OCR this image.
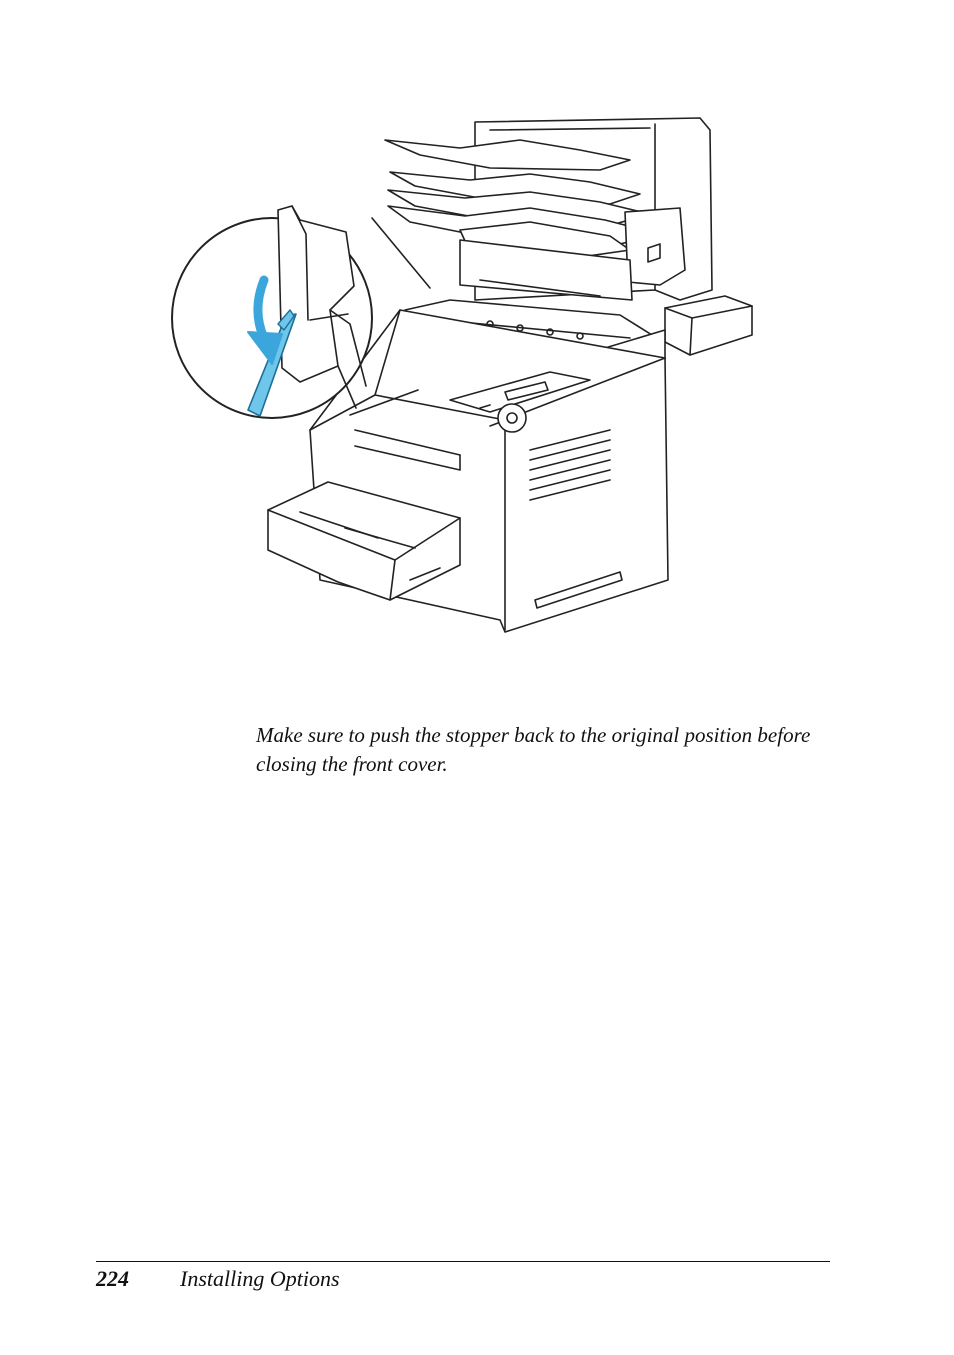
Make sure to push the stopper back to the original position before closing the front cover.

224 Installing Options
